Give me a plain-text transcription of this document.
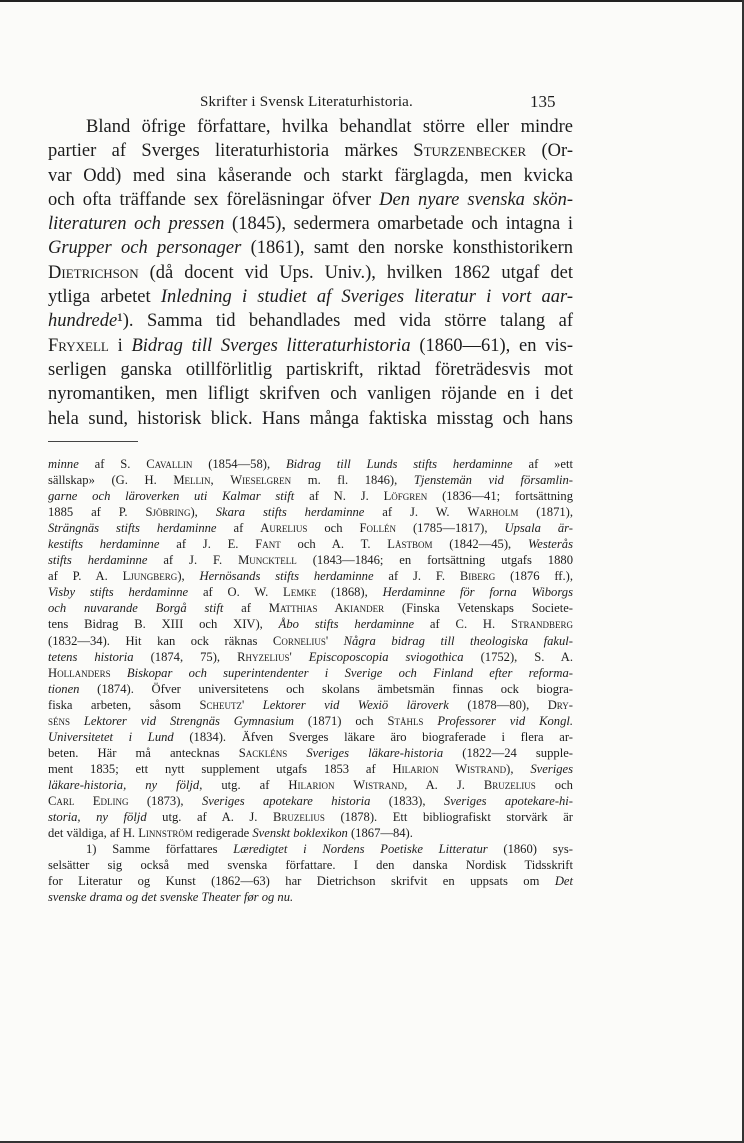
Skrifter i Svensk Literaturhistoria.	135
Bland öfrige författare, hvilka behandlat större eller mindre
partier af Sverges literaturhistoria märkes Sturzenbecker (Or-
var Odd) med sina kåserande och starkt färglagda, men kvicka
och ofta träffande sex föreläsningar öfver Den nyare svenska skön-
literaturen och pressen (1845), sedermera omarbetade och intagna i
Grupper och personager (1861), samt den norske konsthistorikern
Dietrichson (då docent vid Ups. Univ.), hvilken 1862 utgaf det
ytliga arbetet Inledning i studiet af Sveriges literatur i vort aar-
hundrede¹). Samma tid behandlades med vida större talang af
Fryxell i Bidrag till Sverges litteraturhistoria (1860—61), en vis-
serligen ganska otillförlitlig partiskrift, riktad företrädesvis mot
nyromantiken, men lifligt skrifven och vanligen röjande en i det
hela sund, historisk blick. Hans många faktiska misstag och hans
minne af S. Cavallin (1854—58), Bidrag till Lunds stifts herdaminne af »ett
sällskap» (G. H. Mellin, Wieselgren m. fl. 1846), Tjenstemän vid församlin-
garne och läroverken uti Kalmar stift af N. J. Löfgren (1836—41; fortsättning
1885 af P. Sjöbring), Skara stifts herdaminne af J. W. Warholm (1871),
Strängnäs stifts herdaminne af Aurelius och Follén (1785—1817), Upsala är-
kestifts herdaminne af J. E. Fant och A. T. Låstbom (1842—45), Westerås
stifts herdaminne af J. F. Muncktell (1843—1846; en fortsättning utgafs 1880
af P. A. Ljungberg), Hernösands stifts herdaminne af J. F. Biberg (1876 ff.),
Visby stifts herdaminne af O. W. Lemke (1868), Herdaminne för forna Wiborgs
och nuvarande Borgå stift af Matthias Akiander (Finska Vetenskaps Societe-
tens Bidrag B. XIII och XIV), Åbo stifts herdaminne af C. H. Strandberg
(1832—34). Hit kan ock räknas Cornelius' Några bidrag till theologiska fakul-
tetens historia (1874, 75), Rhyzelius' Episcoposcopia sviogothica (1752), S. A.
Hollanders Biskopar och superintendenter i Sverige och Finland efter reforma-
tionen (1874). Öfver universitetens och skolans ämbetsmän finnas ock biogra-
fiska arbeten, såsom Scheutz' Lektorer vid Wexiö läroverk (1878—80), Dry-
séns Lektorer vid Strengnäs Gymnasium (1871) och Ståhls Professorer vid Kongl.
Universitetet i Lund (1834). Äfven Sverges läkare äro biograferade i flera ar-
beten. Här må antecknas Sackléns Sveriges läkare-historia (1822—24 supple-
ment 1835; ett nytt supplement utgafs 1853 af Hilarion Wistrand), Sveriges
läkare-historia, ny följd, utg. af Hilarion Wistrand, A. J. Bruzelius och
Carl Edling (1873), Sveriges apotekare historia (1833), Sveriges apotekare-hi-
storia, ny följd utg. af A. J. Bruzelius (1878). Ett bibliografiskt storvärk är
det väldiga, af H. Linnström redigerade Svenskt boklexikon (1867—84).
1) Samme författares Læredigtet i Nordens Poetiske Litteratur (1860) sys-
selsätter sig också med svenska författare. I den danska Nordisk Tidsskrift
for Literatur og Kunst (1862—63) har Dietrichson skrifvit en uppsats om Det
svenske drama og det svenske Theater før og nu.
